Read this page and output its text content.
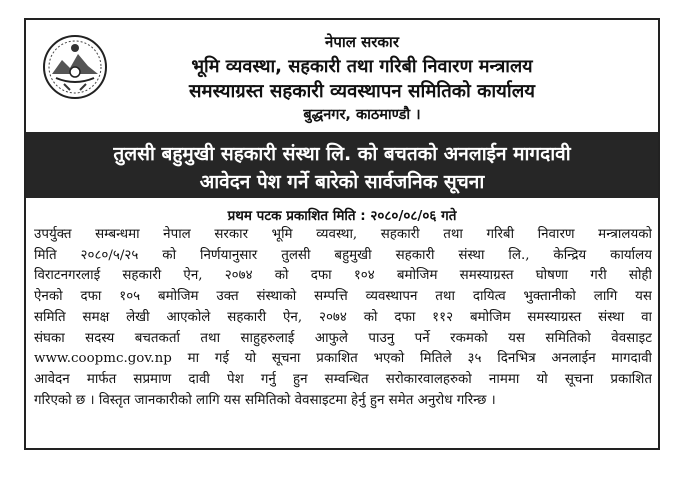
नेपाल सरकार
भूमि व्यवस्था, सहकारी तथा गरिबी निवारण मन्त्रालय
समस्याग्रस्त सहकारी व्यवस्थापन समितिको कार्यालय
बुद्धनगर, काठमाण्डौ ।
तुलसी बहुमुखी सहकारी संस्था लि. को बचतको अनलाईन मागदावी
आवेदन पेश गर्ने बारेको सार्वजनिक सूचना
प्रथम पटक प्रकाशित मिति : २०८०/०८/०६ गते
उपर्युक्त सम्बन्धमा नेपाल सरकार भूमि व्यवस्था, सहकारी तथा गरिबी निवारण मन्त्रालयको
मिति २०८०/५/२५ को निर्णयानुसार तुलसी बहुमुखी सहकारी संस्था लि., केन्द्रिय कार्यालय
विराटनगरलाई सहकारी ऐन, २०७४ को दफा १०४ बमोजिम समस्याग्रस्त घोषणा गरी सोही
ऐनको दफा १०५ बमोजिम उक्त संस्थाको सम्पत्ति व्यवस्थापन तथा दायित्व भुक्तानीको लागि यस
समिति समक्ष लेखी आएकोले सहकारी ऐन, २०७४ को दफा ११२ बमोजिम समस्याग्रस्त संस्था वा
संघका सदस्य बचतकर्ता तथा साहुहरुलाई आफुले पाउनु पर्ने रकमको यस समितिको वेवसाइट
www.coopmc.gov.np मा गई यो सूचना प्रकाशित भएको मितिले ३५ दिनभित्र अनलाईन मागदावी
आवेदन मार्फत सप्रमाण दावी पेश गर्नु हुन सम्वन्धित सरोकारवालहरुको नाममा यो सूचना प्रकाशित
गरिएको छ । विस्तृत जानकारीको लागि यस समितिको वेवसाइटमा हेर्नु हुन समेत अनुरोध गरिन्छ ।
